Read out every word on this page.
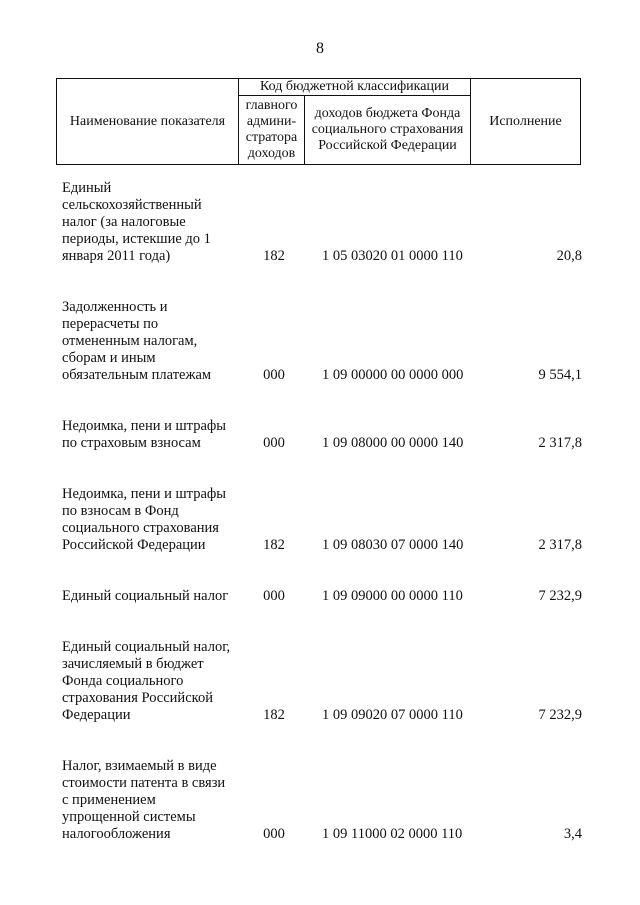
8
Наименование показателя	Код бюджетной классификации		Исполнение
	главного админи-стратора доходов	доходов бюджета Фонда социального страхования Российской Федерации	
Единый сельскохозяйственный налог (за налоговые периоды, истекшие до 1 января 2011 года)	182	1 05 03020 01 0000 110	20,8
Задолженность и перерасчеты по отмененным налогам, сборам и иным обязательным платежам	000	1 09 00000 00 0000 000	9 554,1
Недоимка, пени и штрафы по страховым взносам	000	1 09 08000 00 0000 140	2 317,8
Недоимка, пени и штрафы по взносам в Фонд социального страхования Российской Федерации	182	1 09 08030 07 0000 140	2 317,8
Единый социальный налог	000	1 09 09000 00 0000 110	7 232,9
Единый социальный налог, зачисляемый в бюджет Фонда социального страхования Российской Федерации	182	1 09 09020 07 0000 110	7 232,9
Налог, взимаемый в виде стоимости патента в связи с применением упрощенной системы налогообложения	000	1 09 11000 02 0000 110	3,4
